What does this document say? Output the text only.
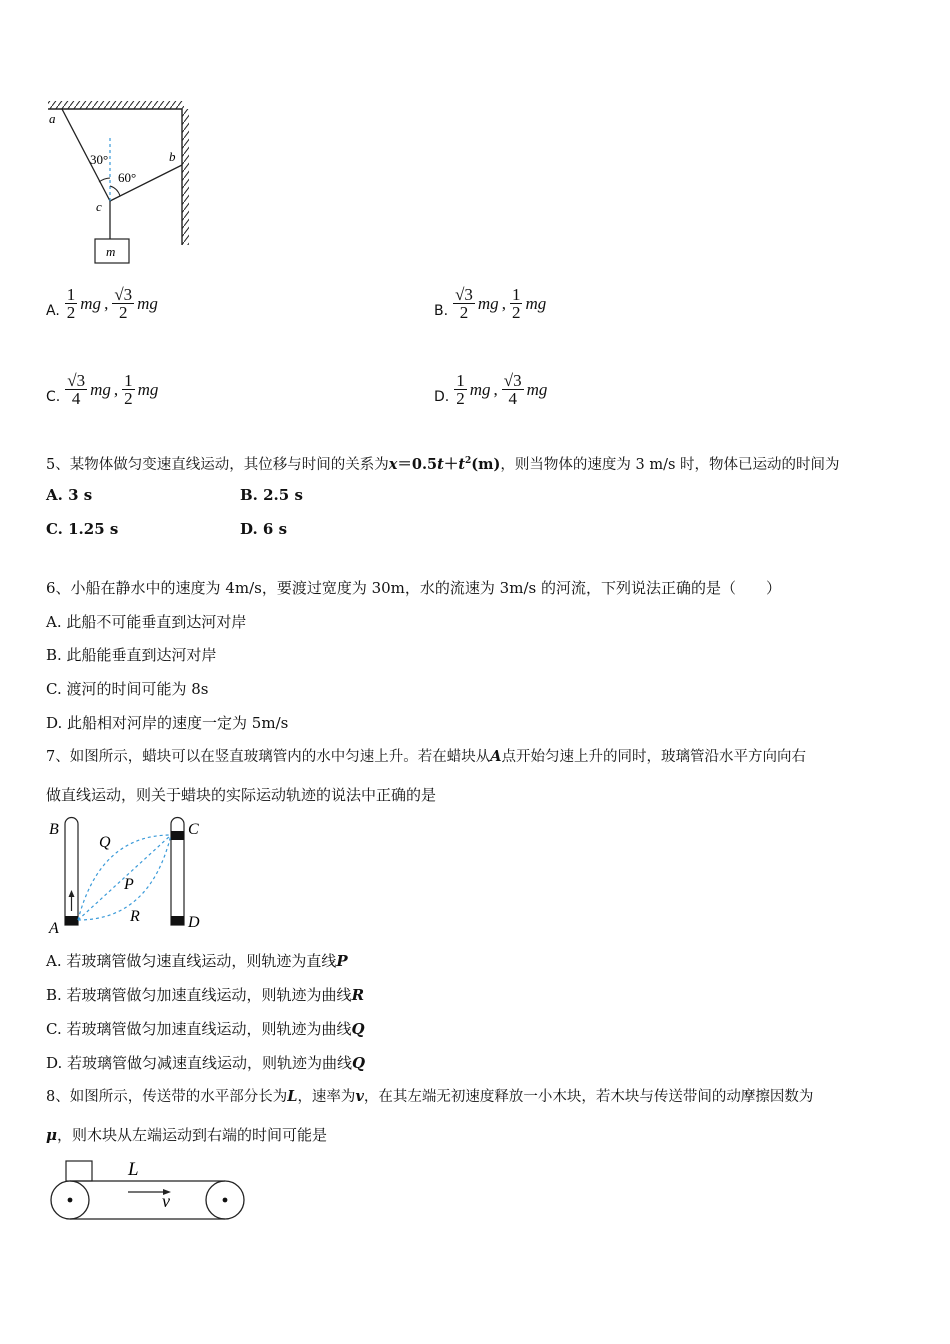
a
b
c
m
30°
60°
A. $\frac{1}{2}$ mg , $\frac{√3}{2}$ mg	B. $\frac{√3}{2}$ mg , $\frac{1}{2}$ mg
C. $\frac{√3}{4}$ mg , $\frac{1}{2}$ mg	D. $\frac{1}{2}$ mg , $\frac{√3}{4}$ mg
5、某物体做匀变速直线运动，其位移与时间的关系为$x=0.5t+t^2(m)$，则当物体的速度为 3 m/s 时，物体已运动的时间为
A. 3 s	B. 2.5 s
C. 1.25 s	D. 6 s
6、小船在静水中的速度为 4m/s，要渡过宽度为 30m，水的流速为 3m/s 的河流，下列说法正确的是（　　）
A. 此船不可能垂直到达河对岸
B. 此船能垂直到达河对岸
C. 渡河的时间可能为 8s
D. 此船相对河岸的速度一定为 5m/s
7、如图所示，蜡块可以在竖直玻璃管内的水中匀速上升。若在蜡块从A点开始匀速上升的同时，玻璃管沿水平方向向右
做直线运动，则关于蜡块的实际运动轨迹的说法中正确的是
B	C
A	D
Q
P
R
A. 若玻璃管做匀速直线运动，则轨迹为直线P
B. 若玻璃管做匀加速直线运动，则轨迹为曲线R
C. 若玻璃管做匀加速直线运动，则轨迹为曲线Q
D. 若玻璃管做匀减速直线运动，则轨迹为曲线Q
8、如图所示，传送带的水平部分长为L，速率为v，在其左端无初速度释放一小木块，若木块与传送带间的动摩擦因数为
μ，则木块从左端运动到右端的时间可能是
L
v
